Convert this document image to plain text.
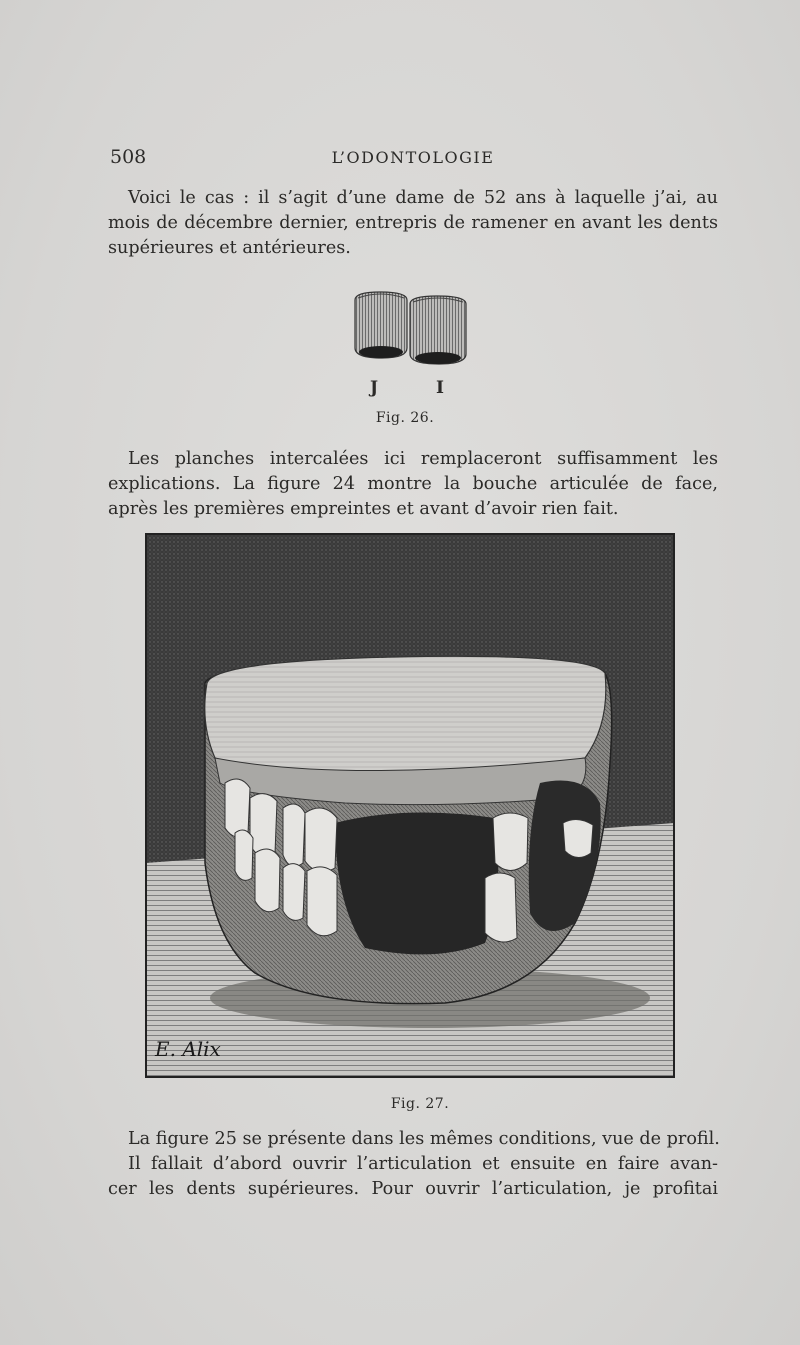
508	L’ODONTOLOGIE

Voici le cas : il s’agit d’une dame de 52 ans à laquelle j’ai, au
mois de décembre dernier, entrepris de ramener en avant les dents
supérieures et antérieures.

J	I
Fig. 26.

Les planches intercalées ici remplaceront suffisamment les
explications. La figure 24 montre la bouche articulée de face,
après les premières empreintes et avant d’avoir rien fait.

E. Alix
Fig. 27.

La figure 25 se présente dans les mêmes conditions, vue de profil.
Il fallait d’abord ouvrir l’articulation et ensuite en faire avan-
cer les dents supérieures. Pour ouvrir l’articulation, je profitai
